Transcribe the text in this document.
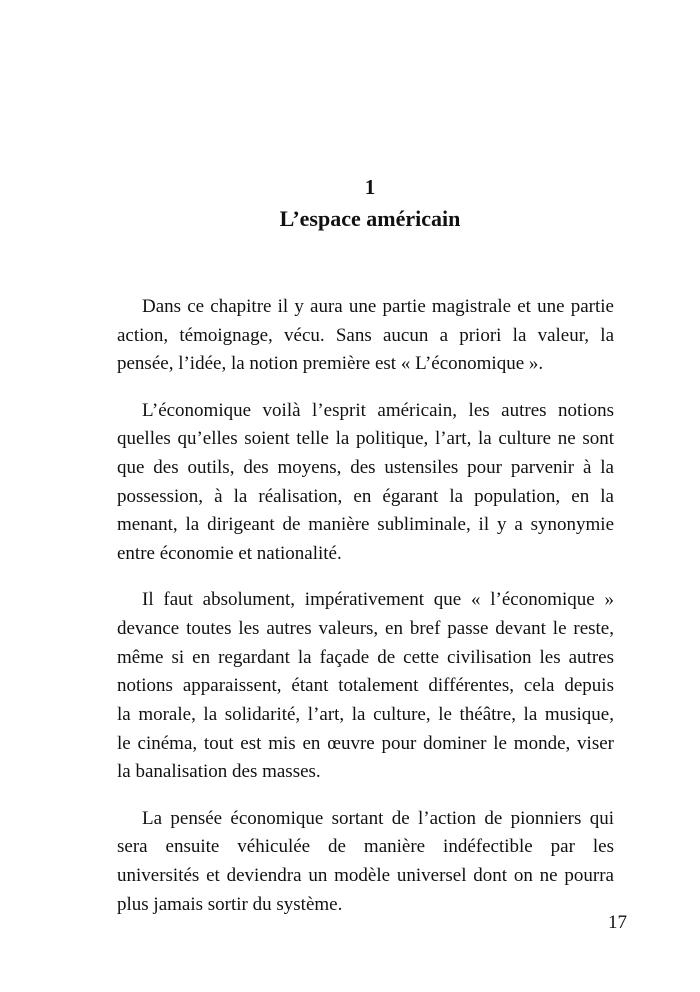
1
L’espace américain
Dans ce chapitre il y aura une partie magistrale et une partie
action, témoignage, vécu. Sans aucun a priori la valeur, la
pensée, l’idée, la notion première est « L’économique ».
L’économique voilà l’esprit américain, les autres notions
quelles qu’elles soient telle la politique, l’art, la culture ne sont
que des outils, des moyens, des ustensiles pour parvenir à la
possession, à la réalisation, en égarant la population, en la
menant, la dirigeant de manière subliminale, il y a synonymie
entre économie et nationalité.
Il faut absolument, impérativement que « l’économique »
devance toutes les autres valeurs, en bref passe devant le reste,
même si en regardant la façade de cette civilisation les autres
notions apparaissent, étant totalement différentes, cela depuis
la morale, la solidarité, l’art, la culture, le théâtre, la musique,
le cinéma, tout est mis en œuvre pour dominer le monde, viser
la banalisation des masses.
La pensée économique sortant de l’action de pionniers qui
sera ensuite véhiculée de manière indéfectible par les
universités et deviendra un modèle universel dont on ne pourra
plus jamais sortir du système.
17
